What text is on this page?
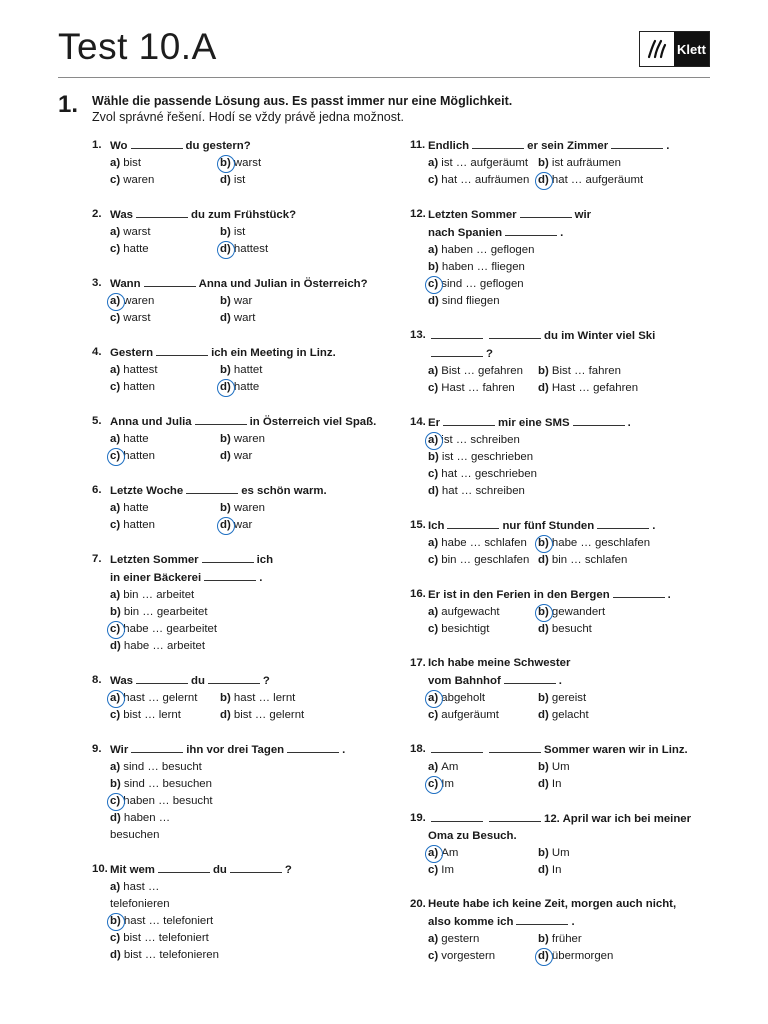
Test 10.A	Klett
1. Wähle die passende Lösung aus. Es passt immer nur eine Möglichkeit.
Zvol správné řešení. Hodí se vždy právě jedna možnost.
1. Wo	du gestern?
a) bist	b) warst
c) waren	d) ist
2. Was	du zum Frühstück?
a) warst	b) ist
c) hatte	d) hattest
3. Wann	Anna und Julian in Österreich?
a) waren	b) war
c) warst	d) wart
4. Gestern	ich ein Meeting in Linz.
a) hattest	b) hattet
c) hatten	d) hatte
5. Anna und Julia	in Österreich viel Spaß.
a) hatte	b) waren
c) hatten	d) war
6. Letzte Woche	es schön warm.
a) hatte	b) waren
c) hatten	d) war
7. Letzten Sommer	ich
in einer Bäckerei	.
a) bin … arbeitet
b) bin … gearbeitet
c) habe … gearbeitet
d) habe … arbeitet
8. Was	du	?
a) hast … gelernt	b) hast … lernt
c) bist … lernt	d) bist … gelernt
9. Wir	ihn vor drei Tagen	.
a) sind … besucht
b) sind … besuchen
c) haben … besucht
d) haben … besuchen
10. Mit wem	du	?
a) hast … telefonieren
b) hast … telefoniert
c) bist … telefoniert
d) bist … telefonieren
11. Endlich	er sein Zimmer	.
a) ist … aufgeräumt b) ist aufräumen
c) hat … aufräumen d) hat … aufgeräumt
12. Letzten Sommer	wir
nach Spanien	.
a) haben … geflogen
b) haben … fliegen
c) sind … geflogen
d) sind fliegen
13.	du im Winter viel Ski?
a) Bist … gefahren	b) Bist … fahren
c) Hast … fahren	d) Hast … gefahren
14. Er	mir eine SMS	.
a) ist … schreiben
b) ist … geschrieben
c) hat … geschrieben
d) hat … schreiben
15. Ich	nur fünf Stunden	.
a) habe … schlafen b) habe … geschlafen
c) bin … geschlafen d) bin … schlafen
16. Er ist in den Ferien in den Bergen	.
a) aufgewacht	b) gewandert
c) besichtigt	d) besucht
17. Ich habe meine Schwester
vom Bahnhof	.
a) abgeholt	b) gereist
c) aufgeräumt	d) gelacht
18.	Sommer waren wir in Linz.
a) Am	b) Um
c) Im	d) In
19.	12. April war ich bei meiner
Oma zu Besuch.
a) Am	b) Um
c) Im	d) In
20. Heute habe ich keine Zeit, morgen auch nicht,
also komme ich	.
a) gestern	b) früher
c) vorgestern	d) übermorgen
